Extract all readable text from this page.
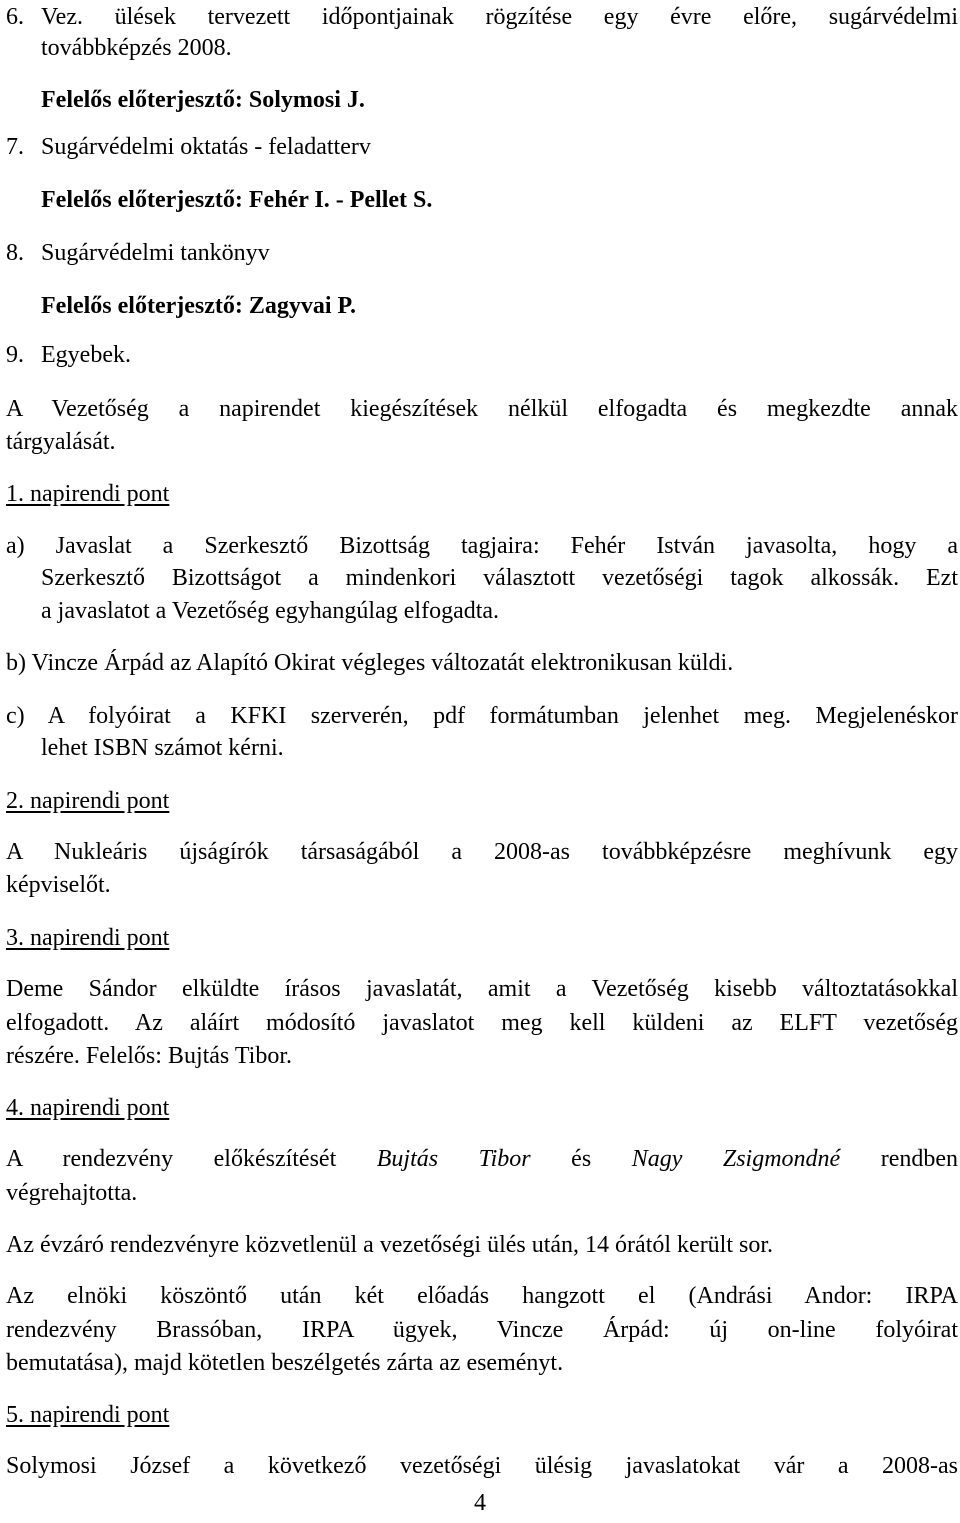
6. Vez. ülések tervezett időpontjainak rögzítése egy évre előre, sugárvédelmi
továbbképzés 2008.
Felelős előterjesztő: Solymosi J.
7. Sugárvédelmi oktatás - feladatterv
Felelős előterjesztő: Fehér I. - Pellet S.
8. Sugárvédelmi tankönyv
Felelős előterjesztő: Zagyvai P.
9. Egyebek.
A Vezetőség a napirendet kiegészítések nélkül elfogadta és megkezdte annak
tárgyalását.
1. napirendi pont
a) Javaslat a Szerkesztő Bizottság tagjaira: Fehér István javasolta, hogy a
Szerkesztő Bizottságot a mindenkori választott vezetőségi tagok alkossák. Ezt
a javaslatot a Vezetőség egyhangúlag elfogadta.
b) Vincze Árpád az Alapító Okirat végleges változatát elektronikusan küldi.
c) A folyóirat a KFKI szerverén, pdf formátumban jelenhet meg. Megjelenéskor
lehet ISBN számot kérni.
2. napirendi pont
A Nukleáris újságírók társaságából a 2008-as továbbképzésre meghívunk egy
képviselőt.
3. napirendi pont
Deme Sándor elküldte írásos javaslatát, amit a Vezetőség kisebb változtatásokkal
elfogadott. Az aláírt módosító javaslatot meg kell küldeni az ELFT vezetőség
részére. Felelős: Bujtás Tibor.
4. napirendi pont
A rendezvény előkészítését Bujtás Tibor és Nagy Zsigmondné rendben
végrehajtotta.
Az évzáró rendezvényre közvetlenül a vezetőségi ülés után, 14 órától került sor.
Az elnöki köszöntő után két előadás hangzott el (Andrási Andor: IRPA
rendezvény Brassóban, IRPA ügyek, Vincze Árpád: új on-line folyóirat
bemutatása), majd kötetlen beszélgetés zárta az eseményt.
5. napirendi pont
Solymosi József a következő vezetőségi ülésig javaslatokat vár a 2008-as
4
